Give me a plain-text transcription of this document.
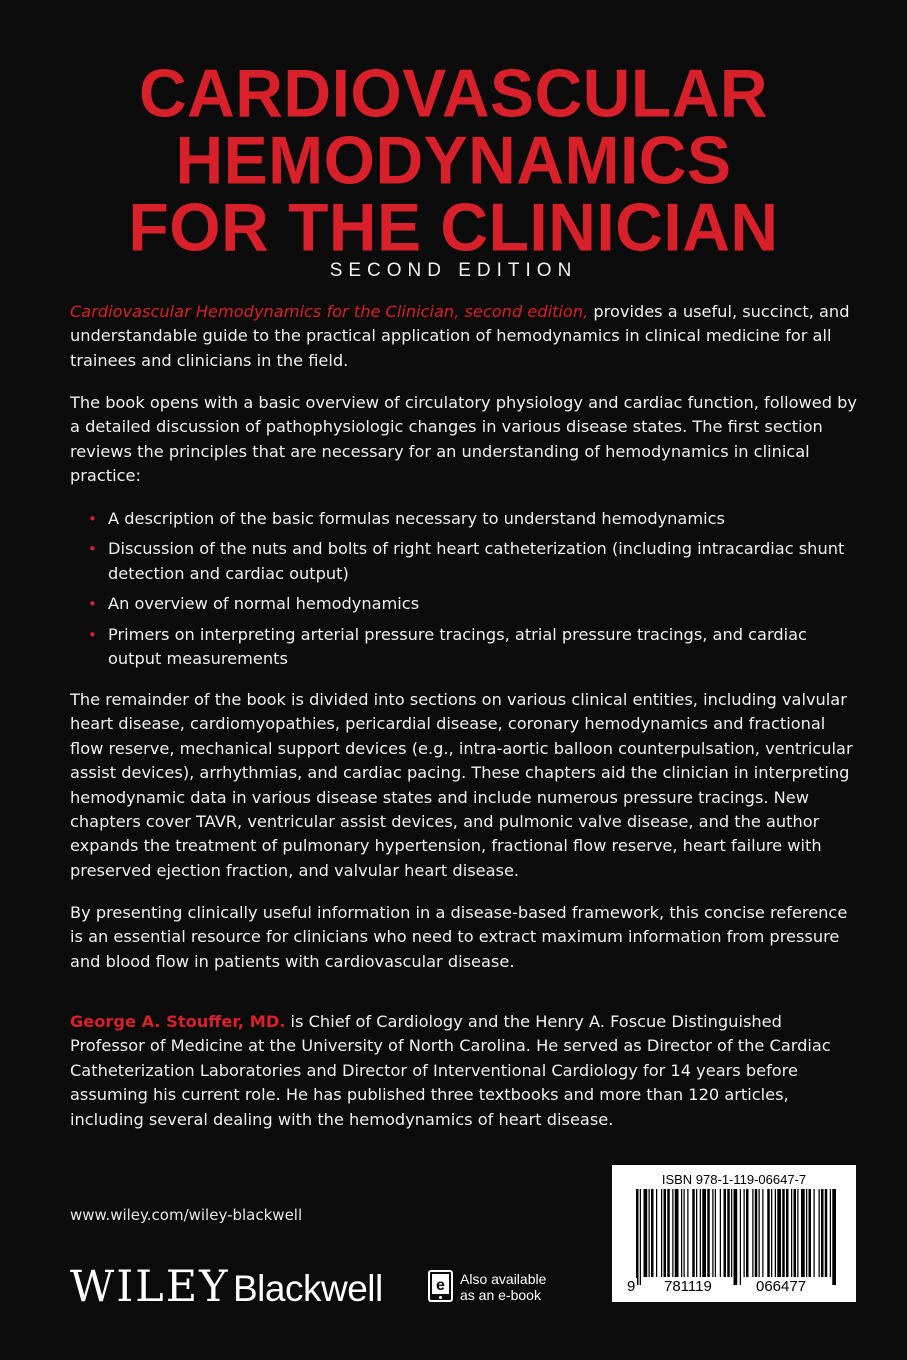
CARDIOVASCULAR
HEMODYNAMICS
FOR THE CLINICIAN
SECOND EDITION
Cardiovascular Hemodynamics for the Clinician, second edition, provides a useful, succinct, and understandable guide to the practical application of hemodynamics in clinical medicine for all trainees and clinicians in the field.
The book opens with a basic overview of circulatory physiology and cardiac function, followed by a detailed discussion of pathophysiologic changes in various disease states. The first section reviews the principles that are necessary for an understanding of hemodynamics in clinical practice:
• A description of the basic formulas necessary to understand hemodynamics
• Discussion of the nuts and bolts of right heart catheterization (including intracardiac shunt detection and cardiac output)
• An overview of normal hemodynamics
• Primers on interpreting arterial pressure tracings, atrial pressure tracings, and cardiac output measurements
The remainder of the book is divided into sections on various clinical entities, including valvular heart disease, cardiomyopathies, pericardial disease, coronary hemodynamics and fractional flow reserve, mechanical support devices (e.g., intra-aortic balloon counterpulsation, ventricular assist devices), arrhythmias, and cardiac pacing. These chapters aid the clinician in interpreting hemodynamic data in various disease states and include numerous pressure tracings. New chapters cover TAVR, ventricular assist devices, and pulmonic valve disease, and the author expands the treatment of pulmonary hypertension, fractional flow reserve, heart failure with preserved ejection fraction, and valvular heart disease.
By presenting clinically useful information in a disease-based framework, this concise reference is an essential resource for clinicians who need to extract maximum information from pressure and blood flow in patients with cardiovascular disease.
George A. Stouffer, MD. is Chief of Cardiology and the Henry A. Foscue Distinguished Professor of Medicine at the University of North Carolina. He served as Director of the Cardiac Catheterization Laboratories and Director of Interventional Cardiology for 14 years before assuming his current role. He has published three textbooks and more than 120 articles, including several dealing with the hemodynamics of heart disease.
www.wiley.com/wiley-blackwell
WILEY Blackwell	e Also available
as an e-book
ISBN 978-1-119-06647-7
9 781119	066477
